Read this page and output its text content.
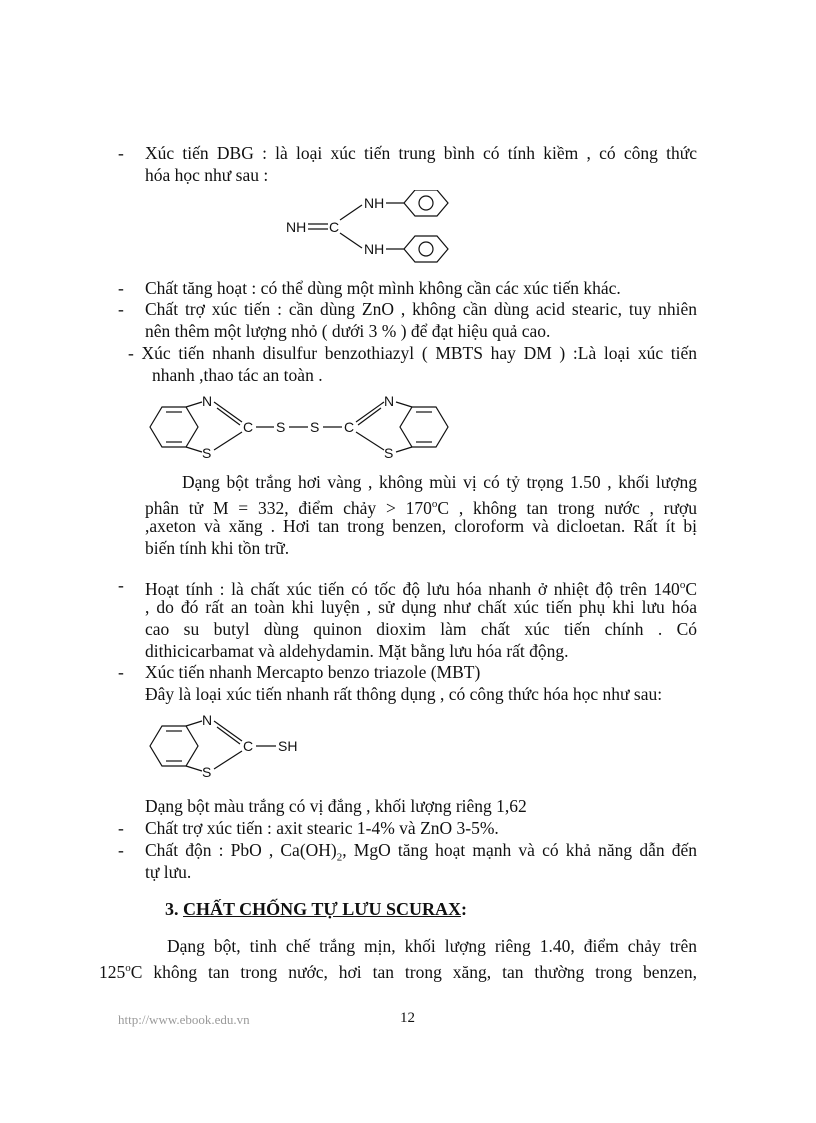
- Xúc tiến DBG : là loại xúc tiến trung bình có tính kiềm , có công thức
hóa học như sau :
NH
NH C
NH
- Chất tăng hoạt : có thể dùng một mình không cần các xúc tiến khác.
- Chất trợ xúc tiến : cần dùng ZnO , không cần dùng acid stearic, tuy nhiên
nên thêm một lượng nhỏ ( dưới 3 % ) để đạt hiệu quả cao.
- Xúc tiến nhanh disulfur benzothiazyl ( MBTS hay DM ) :Là loại xúc tiến
nhanh ,thao tác an toàn .
N
C
S
S S C
N
S
Dạng bột trắng hơi vàng , không mùi vị có tỷ trọng 1.50 , khối lượng
phân tử M = 332, điểm chảy > $170^oC$ , không tan trong nước , rượu
,axeton và xăng . Hơi tan trong benzen, cloroform và dicloetan. Rất ít bị
biến tính khi tồn trữ.
- Hoạt tính : là chất xúc tiến có tốc độ lưu hóa nhanh ở nhiệt độ trên 140$^o$C
, do đó rất an toàn khi luyện , sử dụng như chất xúc tiến phụ khi lưu hóa
cao su butyl dùng quinon dioxim làm chất xúc tiến chính . Có
dithicicarbamat và aldehydamin. Mặt bằng lưu hóa rất động.
- Xúc tiến nhanh Mercapto benzo triazole (MBT)
Đây là loại xúc tiến nhanh rất thông dụng , có công thức hóa học như sau:
N
C SH
S
Dạng bột màu trắng có vị đắng , khối lượng riêng 1,62
- Chất trợ xúc tiến : axit stearic 1-4% và ZnO 3-5%.
- Chất độn : PbO , $Ca(OH)_2$, MgO tăng hoạt mạnh và có khả năng dẫn đến
tự lưu.
3. CHẤT CHỐNG TỰ LƯU SCURAX:
Dạng bột, tinh chế trắng mịn, khối lượng riêng 1.40, điểm chảy trên
125$^o$C không tan trong nước, hơi tan trong xăng, tan thường trong benzen,
http://www.ebook.edu.vn	12
